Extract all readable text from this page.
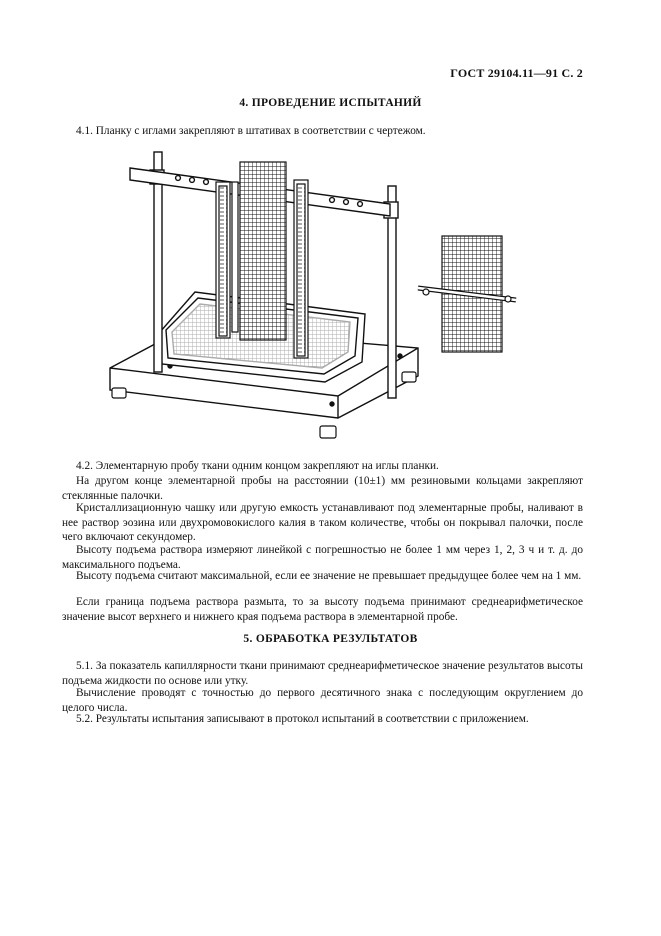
ГОСТ 29104.11—91 С. 2
4. ПРОВЕДЕНИЕ ИСПЫТАНИЙ
4.1. Планку с иглами закрепляют в штативах в соответствии с чертежом.
4.2. Элементарную пробу ткани одним концом закрепляют на иглы планки.
На другом конце элементарной пробы на расстоянии (10±1) мм резиновыми кольцами закрепляют стеклянные палочки.
Кристаллизационную чашку или другую емкость устанавливают под элементарные пробы, наливают в нее раствор эозина или двухромовокислого калия в таком количестве, чтобы он покрывал палочки, после чего включают секундомер.
Высоту подъема раствора измеряют линейкой с погрешностью не более 1 мм через 1, 2, 3 ч и т. д. до максимального подъема.
Высоту подъема считают максимальной, если ее значение не превышает предыдущее более чем на 1 мм.
Если граница подъема раствора размыта, то за высоту подъема принимают среднеарифметическое значение высот верхнего и нижнего края подъема раствора в элементарной пробе.
5. ОБРАБОТКА РЕЗУЛЬТАТОВ
5.1. За показатель капиллярности ткани принимают среднеарифметическое значение результатов высоты подъема жидкости по основе или утку.
Вычисление проводят с точностью до первого десятичного знака с последующим округлением до целого числа.
5.2. Результаты испытания записывают в протокол испытаний в соответствии с приложением.
